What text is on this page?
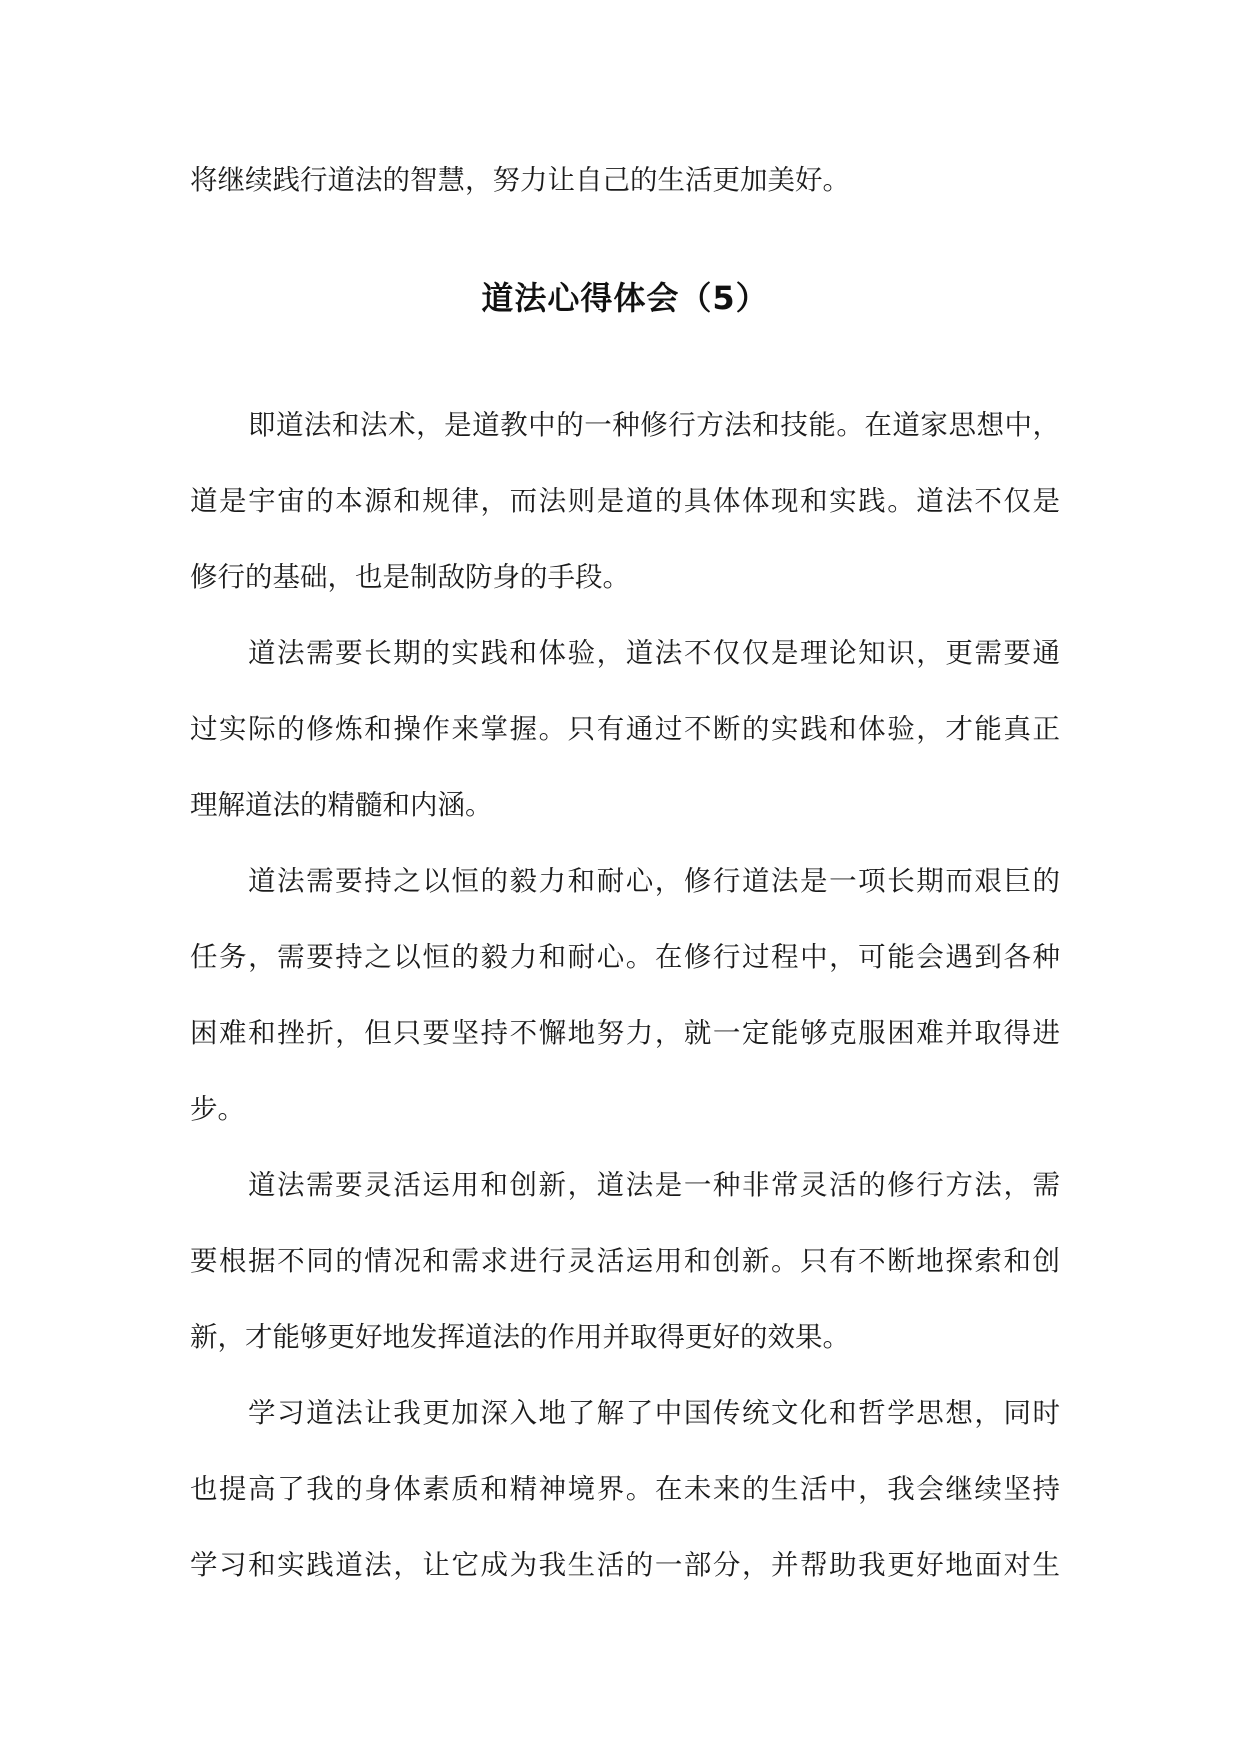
将继续践行道法的智慧，努力让自己的生活更加美好。

道法心得体会（5）

即道法和法术，是道教中的一种修行方法和技能。在道家思想中，

道是宇宙的本源和规律，而法则是道的具体体现和实践。道法不仅是

修行的基础，也是制敌防身的手段。

道法需要长期的实践和体验，道法不仅仅是理论知识，更需要通

过实际的修炼和操作来掌握。只有通过不断的实践和体验，才能真正

理解道法的精髓和内涵。

道法需要持之以恒的毅力和耐心，修行道法是一项长期而艰巨的

任务，需要持之以恒的毅力和耐心。在修行过程中，可能会遇到各种

困难和挫折，但只要坚持不懈地努力，就一定能够克服困难并取得进

步。

道法需要灵活运用和创新，道法是一种非常灵活的修行方法，需

要根据不同的情况和需求进行灵活运用和创新。只有不断地探索和创

新，才能够更好地发挥道法的作用并取得更好的效果。

学习道法让我更加深入地了解了中国传统文化和哲学思想，同时

也提高了我的身体素质和精神境界。在未来的生活中，我会继续坚持

学习和实践道法，让它成为我生活的一部分，并帮助我更好地面对生
